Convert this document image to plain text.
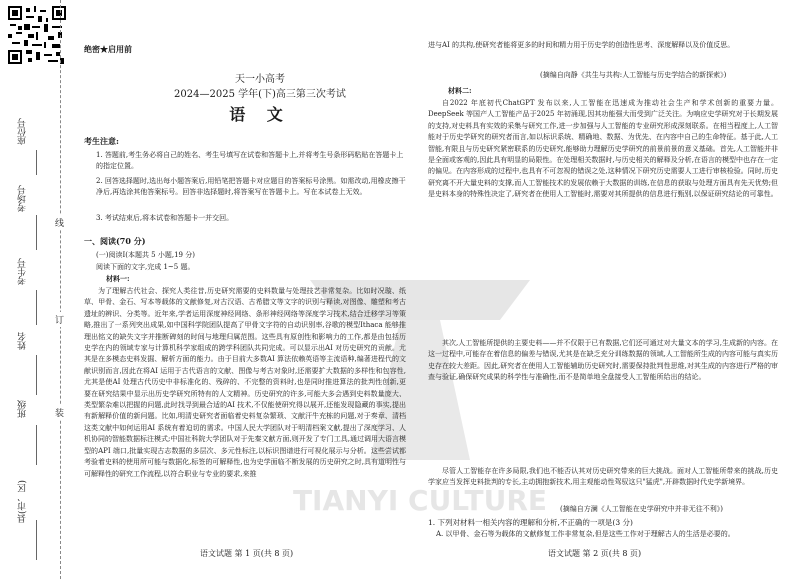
座位号
考场号
考生号
姓名
班级
县(市、区)
线
订
装
TIANYI CULTURE
绝密★启用前
天一小高考
2024—2025 学年(下)高三第三次考试
语 文
考生注意:
1. 答题前,考生务必将自己的姓名、考生号填写在试卷和答题卡上,并将考生号条形码粘贴在答题卡上的指定位置。
2. 回答选择题时,选出每小题答案后,用铅笔把答题卡对应题目的答案标号涂黑。如需改动,用橡皮擦干净后,再选涂其他答案标号。回答非选择题时,将答案写在答题卡上。写在本试卷上无效。
3. 考试结束后,将本试卷和答题卡一并交回。
一、阅读(70 分)
(一)阅读Ⅰ(本题共 5 小题,19 分)
阅读下面的文字,完成 1~5 题。
材料一:

为了理解古代社会、探究人类往昔,历史研究需要的史料数量与处理技艺非常复杂。比如时况璇、纸草、甲骨、金石、写本等载体的文献修复,对古汉语、古希腊文等文字的识别与释读,对图像、雕塑和考古遗址的辨识、分类等。近年来,学者运用深度神经网络、条形神经网络等深度学习技术,结合迁移学习等策略,推出了一系列突出成果,如中国科学院团队提高了甲骨文字符的自动识别率,谷歌的模型Ithaca 能够推理出铭文的缺失文字并推断碑刻的时间与地理归属范围。这些具有原创性和影响力的工作,都是由包括历史学在内的领域专家与计算机科学家组成的跨学科团队共同完成。可以显示出AI 对历史研究的贡献。尤其是在多模态史料发掘、解析方面的能力。由于目前大多数AI 算法依赖英语等主流语种,编著进程代的文献识别而言,因此在将AI 运用于古代语言的文献、图像与考古对象时,还需要扩大数据的多样性和包容性,尤其是使AI 处理古代历史中非标准化的、残碎的、不完整的资料时,也是同时推进算法的批判性创新,更要在研究结果中显示出历史学研究所特有的人文精神。历史研究的许多,可能大多会遇到史料数量庞大、类型繁杂难以把握的问题,此时找寻到最合适的AI 技术,不仅能使研究得以展开,还能发现隐藏的事实,提出有新解释价值的新问题。比如,明清史研究者面临着史料复杂繁琐、文献汗牛充栋的问题,对于奏章、清档这类文献中如何运用AI 系统有着迫切的需求。中国人民大学团队对于明清档案文献,提出了深度学习、人机协同的智能数据标注模式;中国社科院大学团队对于先秦文献方面,则开发了专门工具,通过调用大语言模型的API 端口,批量实现古志数据的多层次、多元性标注,以标识图谱进行可视化展示与分析。这些尝试都考验着史料的使用所可能与数据化,标签的可解释性,也为史学面临不断发展的历史研究之时,具有道明性与可解释性的研究工作流程,以符合职业与专业的要求,来推

进与AI 的共构,使研究者能将更多的时间和精力用于历史学的创造性思考、深度解释以及价值反思。

(摘编自向静《共生与共构:人工智能与历史学结合的新探索》)
材料二:

自2022 年底初代ChatGPT 发布以来,人工智能在迅速成为推动社会生产和学术创新的重要力量。DeepSeek 等国产人工智能产品于2025 年初涌现,因其功能强大而受到广泛关注。为响应史学研究对于长期发展的支持,对史料具有实效的采集与研究工作,进一步加强与人工智能的专业研究形成深刻联系。在相当程度上,人工智能对于历史学研究的研究者而言,如以标识系统、精确地、数据、为优先、在内容中自己的生命特征。基于此,人工智能,有限且与历史研究紧密联系的历史研究,能够助力理解历史学研究的前景前景的意义基础。首先,人工智能并非是全面或客观的,因此具有明显的局限性。在处理相关数据时,与历史相关的解释及分析,在语言的模型中也存在一定的偏见。在内容形成的过程中,也具有不可忽视的错误之处,这种情况下研究历史需要人工进行审核检验。同时,历史研究离不开大量史料的支撑,而人工智能技术的发展依赖于大数据的训练,在信息的获取与处理方面具有先天优势;但是史料本身的特殊性决定了,研究者在使用人工智能时,需要对其所提供的信息进行甄别,以保证研究结论的可靠性。

其次,人工智能所提供的主要史料——并不仅限于已有数据,它们还可通过对大量文本的学习,生成新的内容。在这一过程中,可能存在着信息的偏差与错误,尤其是在缺乏充分训练数据的领域,人工智能所生成的内容可能与真实历史存在较大差距。因此,研究者在使用人工智能辅助历史研究时,需要保持批判性思维,对其生成的内容进行严格的审查与验证,确保研究成果的科学性与准确性,而不是简单地全盘接受人工智能所给出的结论。

尽管人工智能存在许多局限,我们也不能否认其对历史研究带来的巨大挑战。面对人工智能所带来的挑战,历史学家应当发挥史料批判的专长,主动拥抱新技术,用主观能动性驾驭这只"猛虎",开辟数据时代史学新境界。

(摘编自方澜《人工智能在史学研究中并非无往不利》)
1. 下列对材料一相关内容的理解和分析,不正确的一项是(3 分)

A. 以甲骨、金石等为载体的文献修复工作非常复杂,但是这些工作对于理解古人的生活是必要的。

语文试题 第 1 页(共 8 页)	语文试题 第 2 页(共 8 页)
